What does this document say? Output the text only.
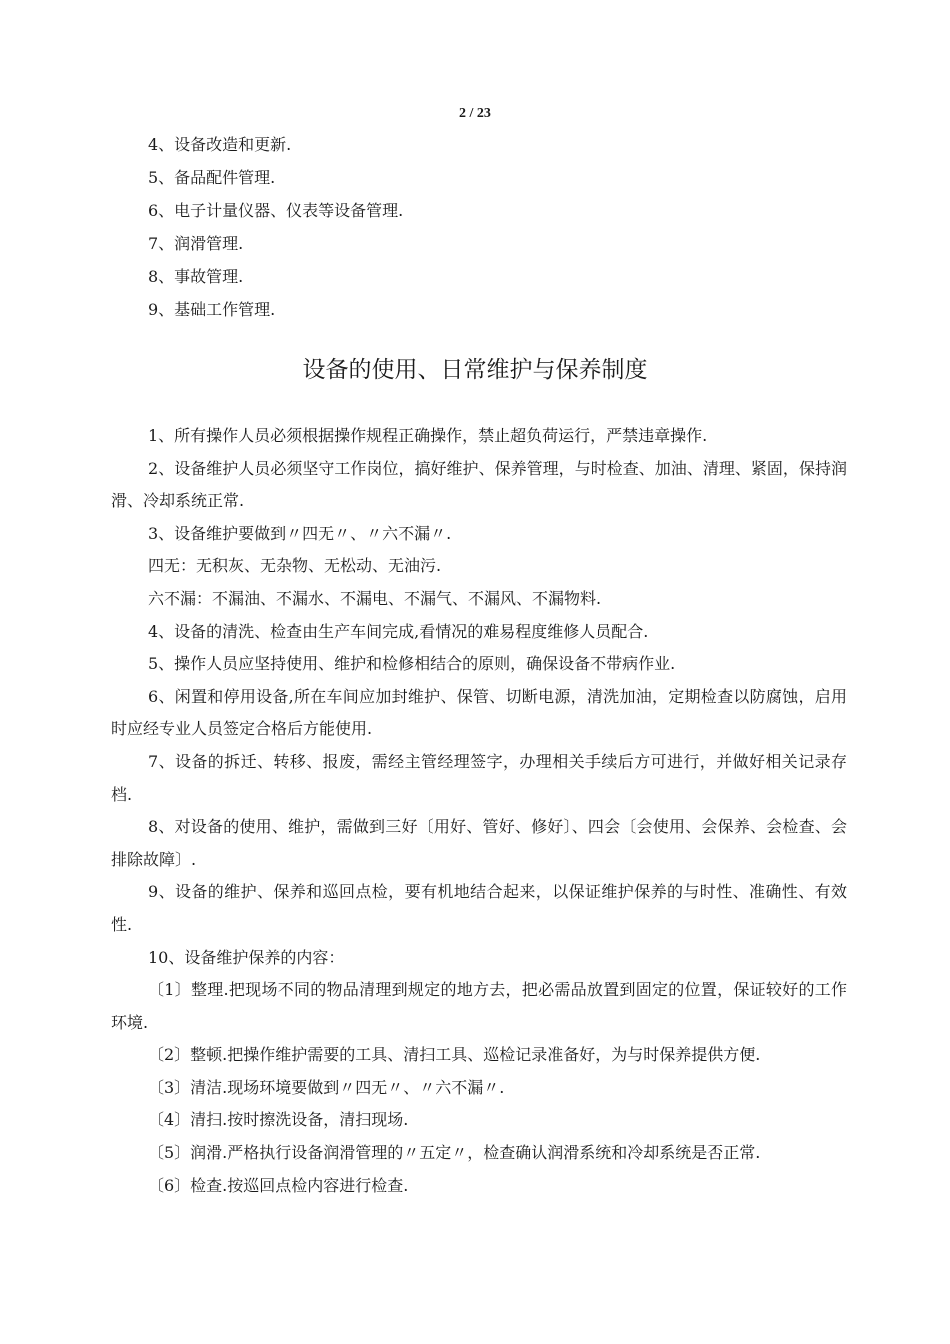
2 / 23
4、设备改造和更新.
5、备品配件管理.
6、电子计量仪器、仪表等设备管理.
7、润滑管理.
8、事故管理.
9、基础工作管理.
设备的使用、日常维护与保养制度

1、所有操作人员必须根据操作规程正确操作，禁止超负荷运行，严禁违章操作.

2、设备维护人员必须坚守工作岗位，搞好维护、保养管理，与时检查、加油、清理、紧固，保持润滑、冷却系统正常.

3、设备维护要做到〃四无〃、〃六不漏〃.

四无：无积灰、无杂物、无松动、无油污.

六不漏：不漏油、不漏水、不漏电、不漏气、不漏风、不漏物料.

4、设备的清洗、检查由生产车间完成,看情况的难易程度维修人员配合.

5、操作人员应坚持使用、维护和检修相结合的原则，确保设备不带病作业.

6、闲置和停用设备,所在车间应加封维护、保管、切断电源，清洗加油，定期检查以防腐蚀，启用时应经专业人员签定合格后方能使用.

7、设备的拆迁、转移、报废，需经主管经理签字，办理相关手续后方可进行，并做好相关记录存档.

8、对设备的使用、维护，需做到三好〔用好、管好、修好〕、四会〔会使用、会保养、会检查、会排除故障〕.

9、设备的维护、保养和巡回点检，要有机地结合起来，以保证维护保养的与时性、准确性、有效性.

10、设备维护保养的内容：

〔1〕整理.把现场不同的物品清理到规定的地方去，把必需品放置到固定的位置，保证较好的工作环境.

〔2〕整顿.把操作维护需要的工具、清扫工具、巡检记录准备好，为与时保养提供方便.

〔3〕清洁.现场环境要做到〃四无〃、〃六不漏〃.

〔4〕清扫.按时擦洗设备，清扫现场.

〔5〕润滑.严格执行设备润滑管理的〃五定〃，检查确认润滑系统和冷却系统是否正常.

〔6〕检查.按巡回点检内容进行检查.
